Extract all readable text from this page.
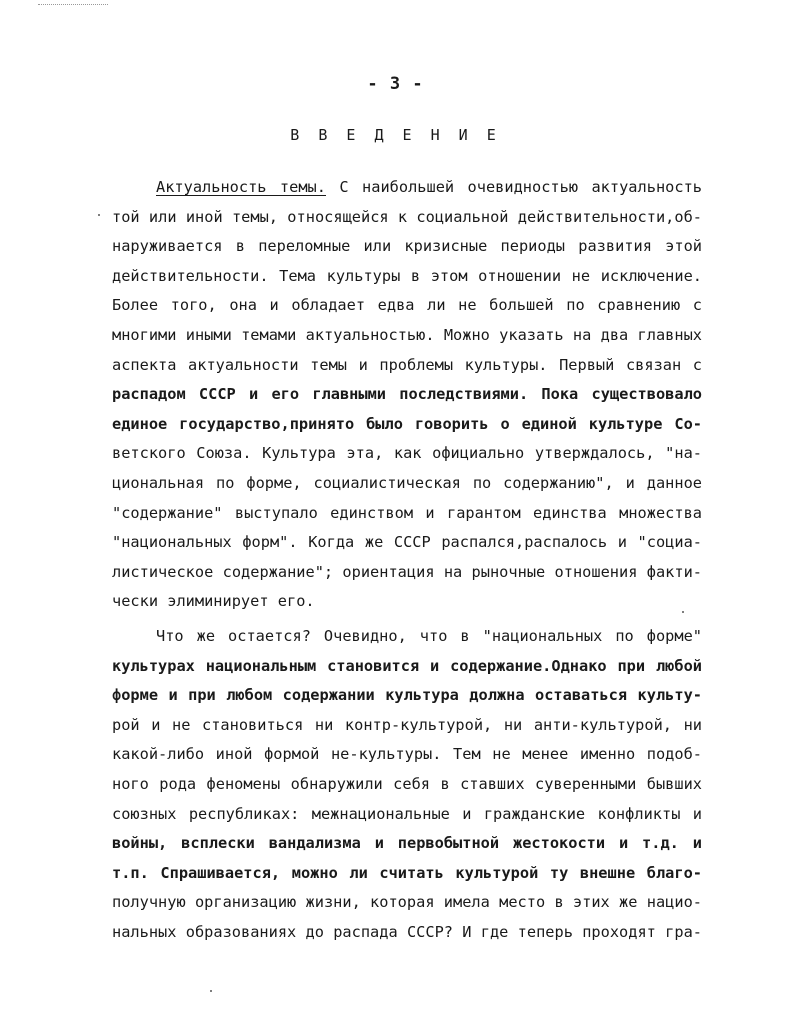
- 3 -
В В Е Д Е Н И Е
Актуальность темы. С наибольшей очевидностью актуальность
той или иной темы, относящейся к социальной действительности,об-
наруживается в переломные или кризисные периоды развития этой
действительности. Тема культуры в этом отношении не исключение.
Более того, она и обладает едва ли не большей по сравнению с
многими иными темами актуальностью. Можно указать на два главных
аспекта актуальности темы и проблемы культуры. Первый связан с
распадом СССР и его главными последствиями. Пока существовало
единое государство,принято было говорить о единой культуре Со-
ветского Союза. Культура эта, как официально утверждалось, "на-
циональная по форме, социалистическая по содержанию", и данное
"содержание" выступало единством и гарантом единства множества
"национальных форм". Когда же СССР распался,распалось и "социа-
листическое содержание"; ориентация на рыночные отношения факти-
чески элиминирует его.
Что же остается? Очевидно, что в "национальных по форме"
культурах национальным становится и содержание.Однако при любой
форме и при любом содержании культура должна оставаться культу-
рой и не становиться ни контр-культурой, ни анти-культурой, ни
какой-либо иной формой не-культуры. Тем не менее именно подоб-
ного рода феномены обнаружили себя в ставших суверенными бывших
союзных республиках: межнациональные и гражданские конфликты и
войны, всплески вандализма и первобытной жестокости и т.д. и
т.п. Спрашивается, можно ли считать культурой ту внешне благо-
получную организацию жизни, которая имела место в этих же нацио-
нальных образованиях до распада СССР? И где теперь проходят гра-
